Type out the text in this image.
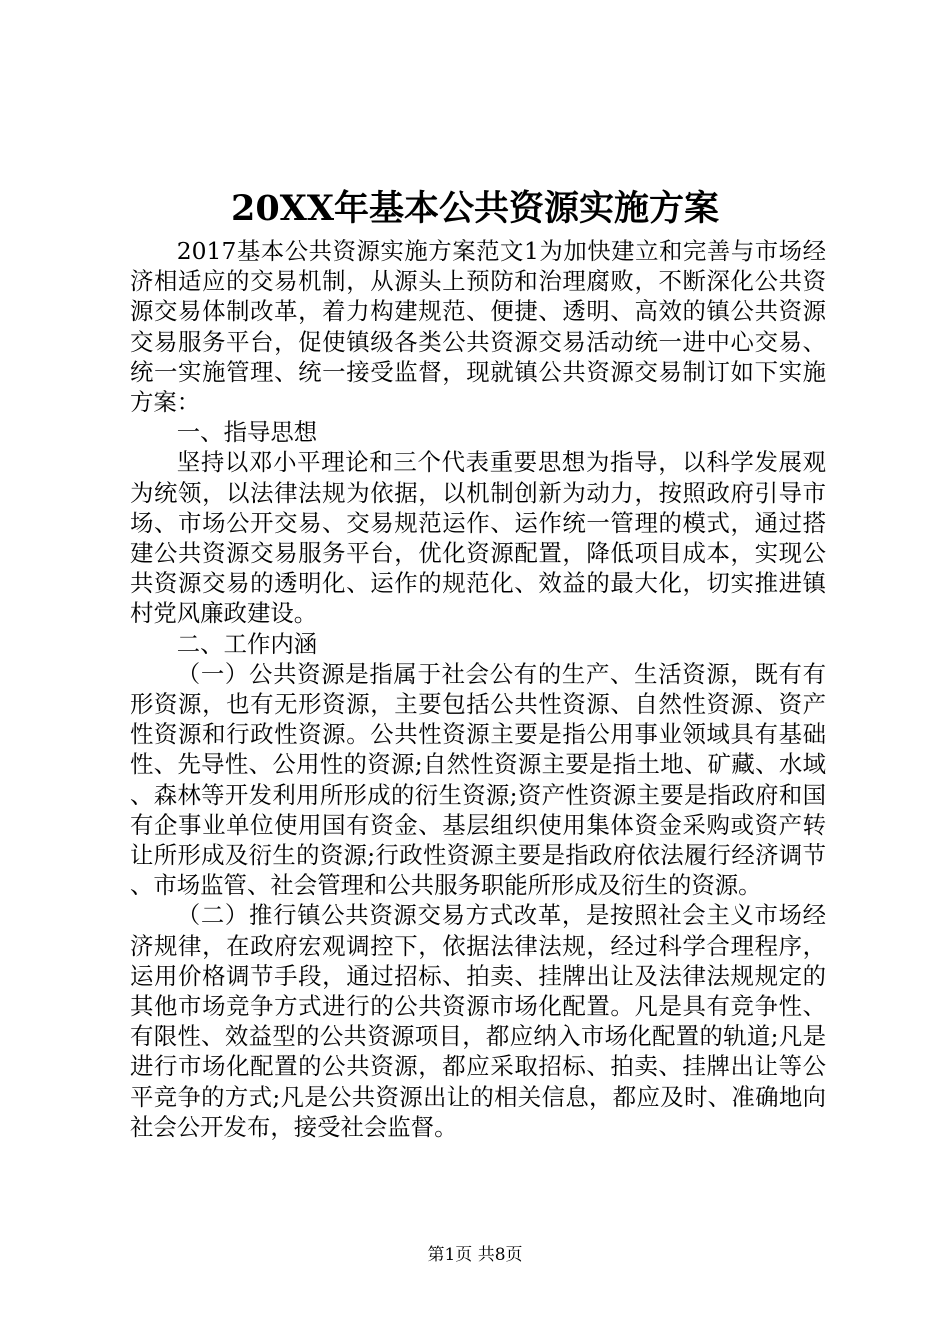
20XX年基本公共资源实施方案

2017基本公共资源实施方案范文1为加快建立和完善与市场经济相适应的交易机制，从源头上预防和治理腐败，不断深化公共资源交易体制改革，着力构建规范、便捷、透明、高效的镇公共资源交易服务平台，促使镇级各类公共资源交易活动统一进中心交易、统一实施管理、统一接受监督，现就镇公共资源交易制订如下实施方案：

一、指导思想

坚持以邓小平理论和三个代表重要思想为指导，以科学发展观为统领，以法律法规为依据，以机制创新为动力，按照政府引导市场、市场公开交易、交易规范运作、运作统一管理的模式，通过搭建公共资源交易服务平台，优化资源配置，降低项目成本，实现公共资源交易的透明化、运作的规范化、效益的最大化，切实推进镇村党风廉政建设。

二、工作内涵

（一）公共资源是指属于社会公有的生产、生活资源，既有有形资源，也有无形资源，主要包括公共性资源、自然性资源、资产性资源和行政性资源。公共性资源主要是指公用事业领域具有基础性、先导性、公用性的资源;自然性资源主要是指土地、矿藏、水域、森林等开发利用所形成的衍生资源;资产性资源主要是指政府和国有企事业单位使用国有资金、基层组织使用集体资金采购或资产转让所形成及衍生的资源;行政性资源主要是指政府依法履行经济调节、市场监管、社会管理和公共服务职能所形成及衍生的资源。

（二）推行镇公共资源交易方式改革，是按照社会主义市场经济规律，在政府宏观调控下，依据法律法规，经过科学合理程序，运用价格调节手段，通过招标、拍卖、挂牌出让及法律法规规定的其他市场竞争方式进行的公共资源市场化配置。凡是具有竞争性、有限性、效益型的公共资源项目，都应纳入市场化配置的轨道;凡是进行市场化配置的公共资源，都应采取招标、拍卖、挂牌出让等公平竞争的方式;凡是公共资源出让的相关信息，都应及时、准确地向社会公开发布，接受社会监督。

第1页 共8页
